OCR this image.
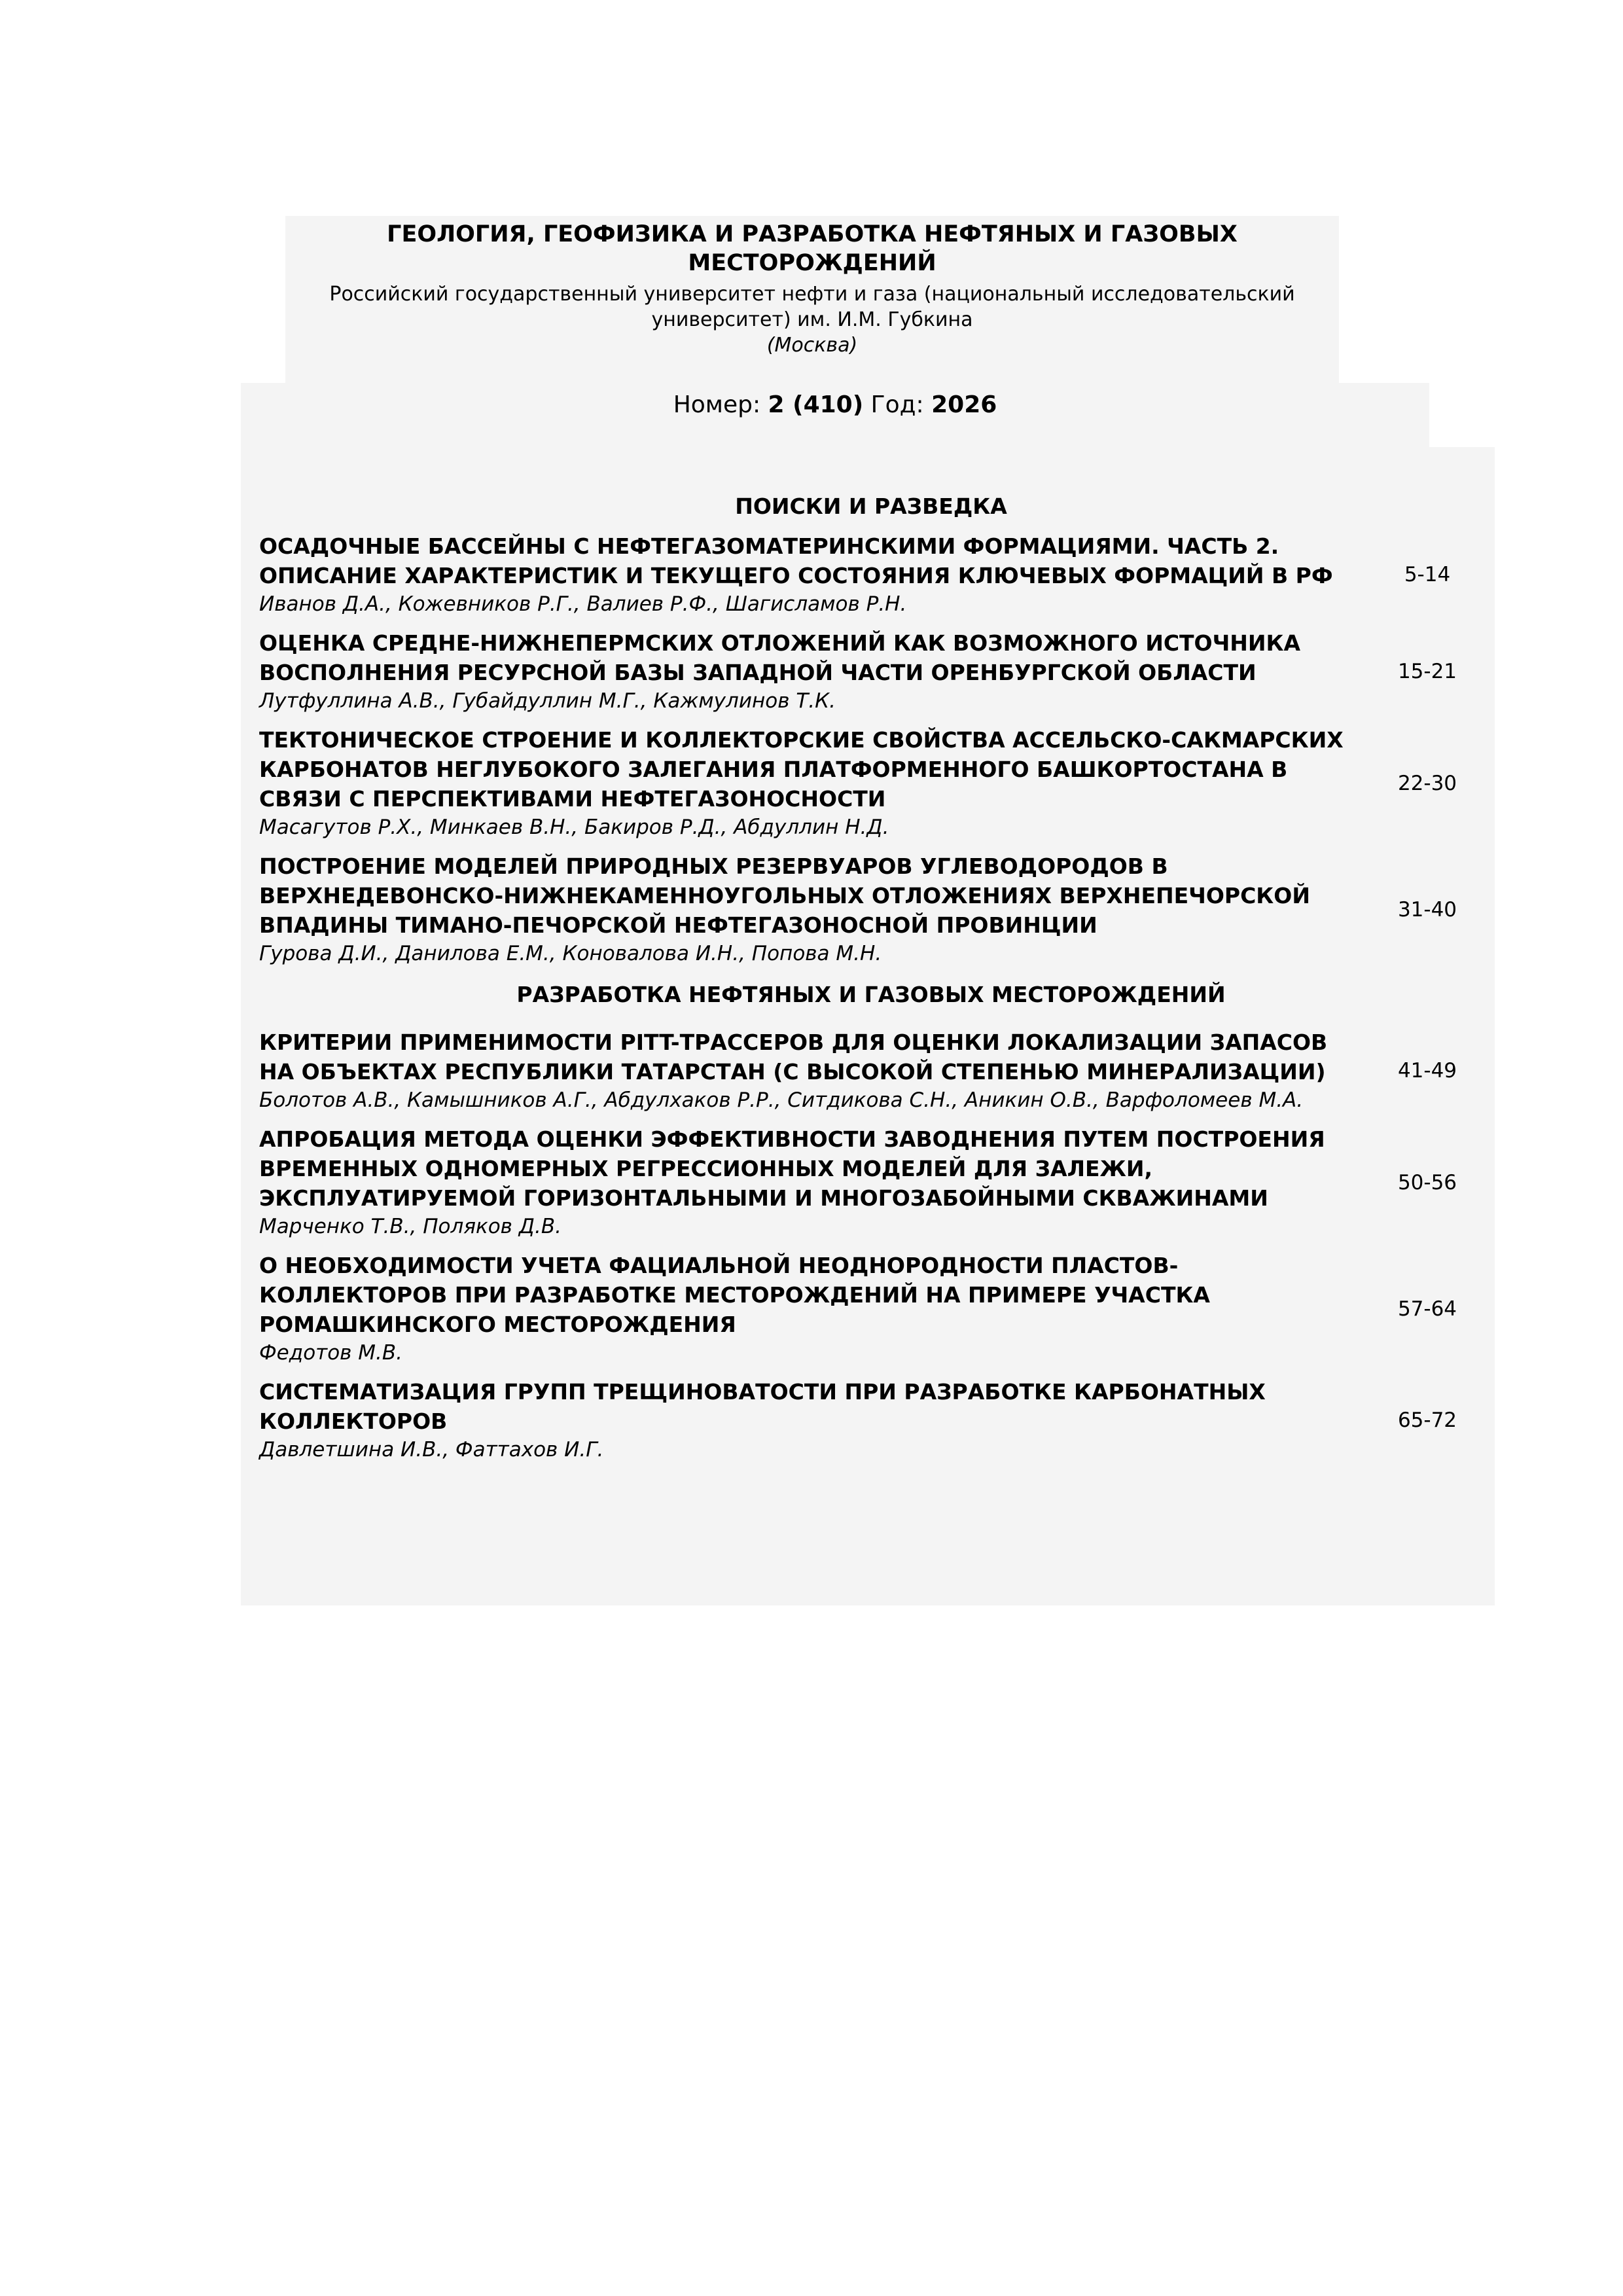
ГЕОЛОГИЯ, ГЕОФИЗИКА И РАЗРАБОТКА НЕФТЯНЫХ И ГАЗОВЫХ МЕСТОРОЖДЕНИЙ
Российский государственный университет нефти и газа (национальный исследовательский университет) им. И.М. Губкина
(Москва)
Номер: 2 (410) Год: 2026
ПОИСКИ И РАЗВЕДКА
ОСАДОЧНЫЕ БАССЕЙНЫ С НЕФТЕГАЗОМАТЕРИНСКИМИ ФОРМАЦИЯМИ. ЧАСТЬ 2. ОПИСАНИЕ ХАРАКТЕРИСТИК И ТЕКУЩЕГО СОСТОЯНИЯ КЛЮЧЕВЫХ ФОРМАЦИЙ В РФ
Иванов Д.А., Кожевников Р.Г., Валиев Р.Ф., Шагисламов Р.Н.
5-14
ОЦЕНКА СРЕДНЕ-НИЖНЕПЕРМСКИХ ОТЛОЖЕНИЙ КАК ВОЗМОЖНОГО ИСТОЧНИКА ВОСПОЛНЕНИЯ РЕСУРСНОЙ БАЗЫ ЗАПАДНОЙ ЧАСТИ ОРЕНБУРГСКОЙ ОБЛАСТИ
Лутфуллина А.В., Губайдуллин М.Г., Кажмулинов Т.К.
15-21
ТЕКТОНИЧЕСКОЕ СТРОЕНИЕ И КОЛЛЕКТОРСКИЕ СВОЙСТВА АССЕЛЬСКО-САКМАРСКИХ КАРБОНАТОВ НЕГЛУБОКОГО ЗАЛЕГАНИЯ ПЛАТФОРМЕННОГО БАШКОРТОСТАНА В СВЯЗИ С ПЕРСПЕКТИВАМИ НЕФТЕГАЗОНОСНОСТИ
Масагутов Р.Х., Минкаев В.Н., Бакиров Р.Д., Абдуллин Н.Д.
22-30
ПОСТРОЕНИЕ МОДЕЛЕЙ ПРИРОДНЫХ РЕЗЕРВУАРОВ УГЛЕВОДОРОДОВ В ВЕРХНЕДЕВОНСКО-НИЖНЕКАМЕННОУГОЛЬНЫХ ОТЛОЖЕНИЯХ ВЕРХНЕПЕЧОРСКОЙ ВПАДИНЫ ТИМАНО-ПЕЧОРСКОЙ НЕФТЕГАЗОНОСНОЙ ПРОВИНЦИИ
Гурова Д.И., Данилова Е.М., Коновалова И.Н., Попова М.Н.
31-40
РАЗРАБОТКА НЕФТЯНЫХ И ГАЗОВЫХ МЕСТОРОЖДЕНИЙ
КРИТЕРИИ ПРИМЕНИМОСТИ PITT-ТРАССЕРОВ ДЛЯ ОЦЕНКИ ЛОКАЛИЗАЦИИ ЗАПАСОВ НА ОБЪЕКТАХ РЕСПУБЛИКИ ТАТАРСТАН (С ВЫСОКОЙ СТЕПЕНЬЮ МИНЕРАЛИЗАЦИИ)
Болотов А.В., Камышников А.Г., Абдулхаков Р.Р., Ситдикова С.Н., Аникин О.В., Варфоломеев М.А.
41-49
АПРОБАЦИЯ МЕТОДА ОЦЕНКИ ЭФФЕКТИВНОСТИ ЗАВОДНЕНИЯ ПУТЕМ ПОСТРОЕНИЯ ВРЕМЕННЫХ ОДНОМЕРНЫХ РЕГРЕССИОННЫХ МОДЕЛЕЙ ДЛЯ ЗАЛЕЖИ, ЭКСПЛУАТИРУЕМОЙ ГОРИЗОНТАЛЬНЫМИ И МНОГОЗАБОЙНЫМИ СКВАЖИНАМИ
Марченко Т.В., Поляков Д.В.
50-56
О НЕОБХОДИМОСТИ УЧЕТА ФАЦИАЛЬНОЙ НЕОДНОРОДНОСТИ ПЛАСТОВ-КОЛЛЕКТОРОВ ПРИ РАЗРАБОТКЕ МЕСТОРОЖДЕНИЙ НА ПРИМЕРЕ УЧАСТКА РОМАШКИНСКОГО МЕСТОРОЖДЕНИЯ
Федотов М.В.
57-64
СИСТЕМАТИЗАЦИЯ ГРУПП ТРЕЩИНОВАТОСТИ ПРИ РАЗРАБОТКЕ КАРБОНАТНЫХ КОЛЛЕКТОРОВ
Давлетшина И.В., Фаттахов И.Г.
65-72
